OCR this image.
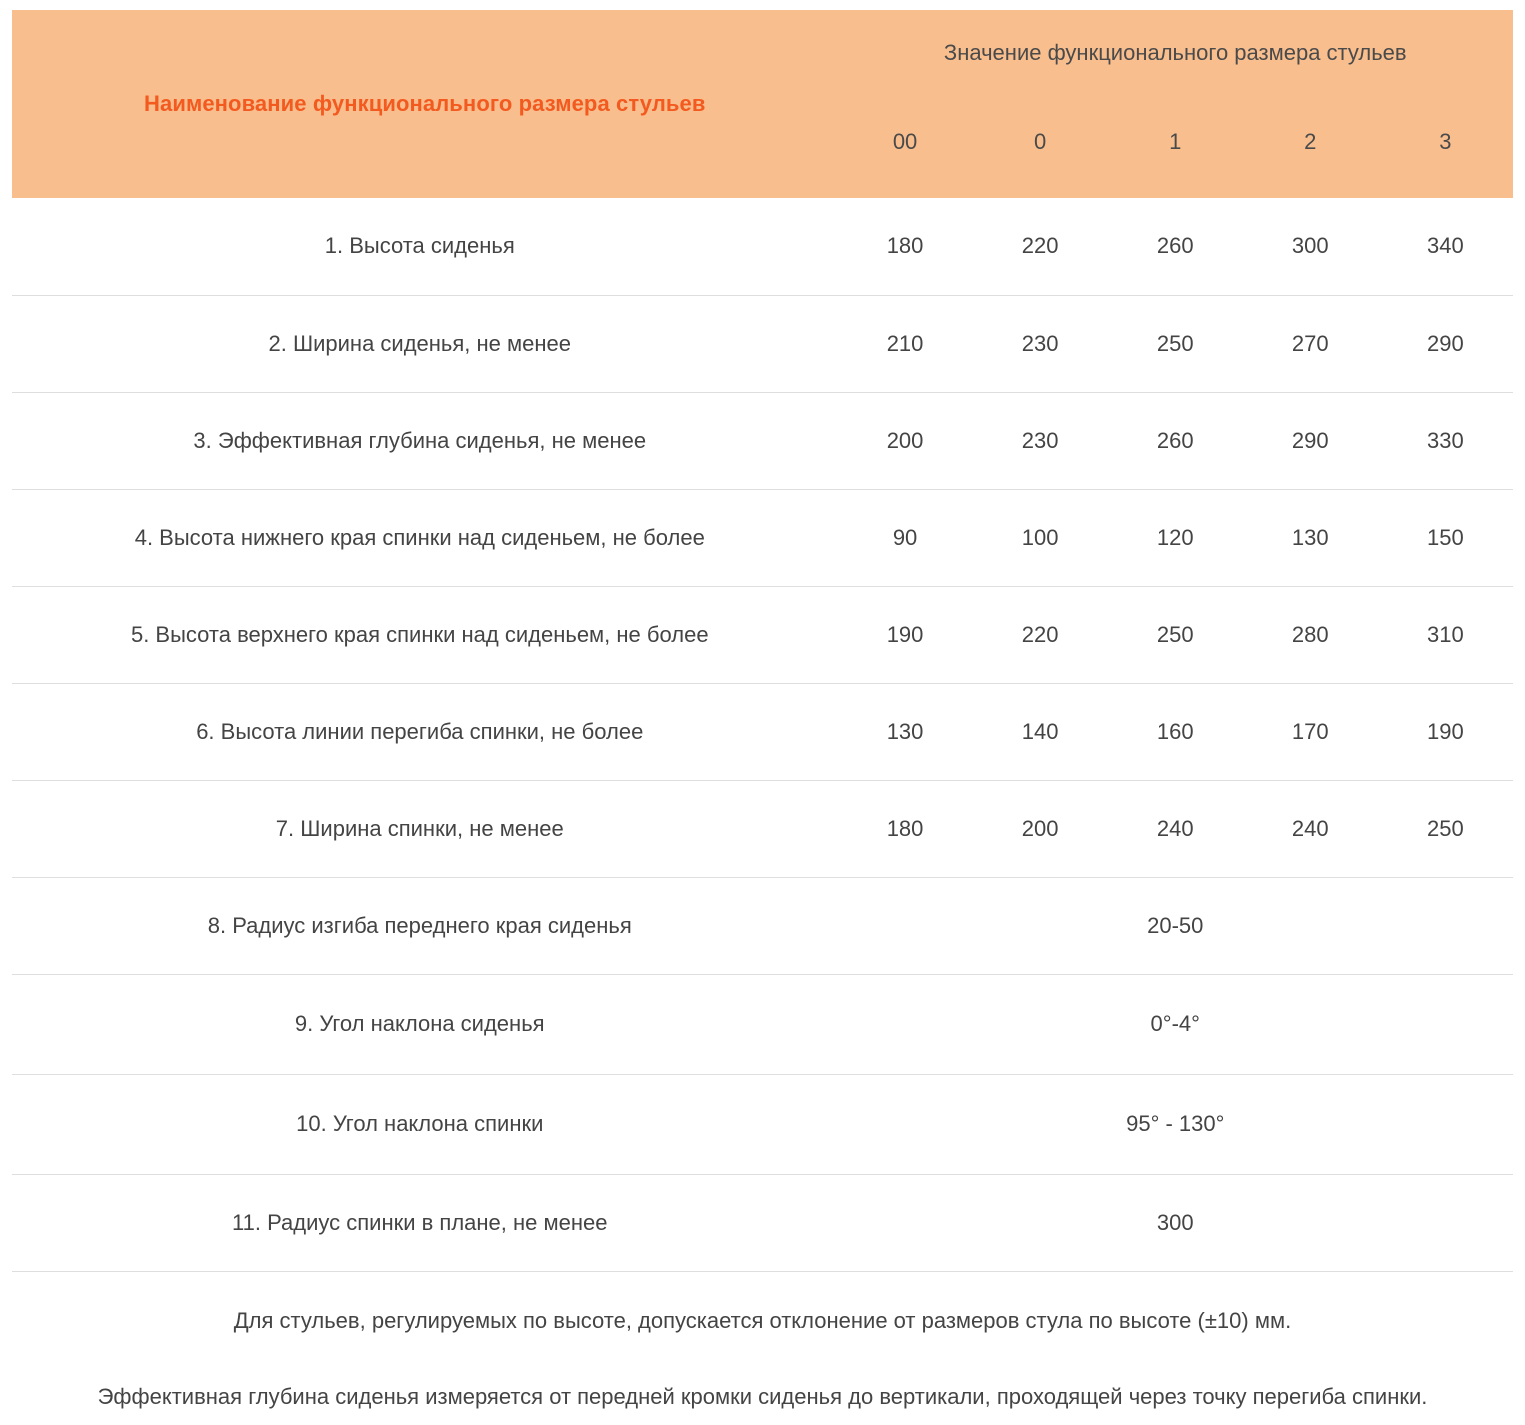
Наименование функционального размера стульев	Значение функционального размера стульев				
	00	0	1	2	3
1. Высота сиденья	180	220	260	300	340
2. Ширина сиденья, не менее	210	230	250	270	290
3. Эффективная глубина сиденья, не менее	200	230	260	290	330
4. Высота нижнего края спинки над сиденьем, не более	90	100	120	130	150
5. Высота верхнего края спинки над сиденьем, не более	190	220	250	280	310
6. Высота линии перегиба спинки, не более	130	140	160	170	190
7. Ширина спинки, не менее	180	200	240	240	250
8. Радиус изгиба переднего края сиденья	20-50				
9. Угол наклона сиденья	0°-4°				
10. Угол наклона спинки	95° - 130°				
11. Радиус спинки в плане, не менее	300				
Для стульев, регулируемых по высоте, допускается отклонение от размеров стула по высоте (±10) мм.
Эффективная глубина сиденья измеряется от передней кромки сиденья до вертикали, проходящей через точку перегиба спинки.
